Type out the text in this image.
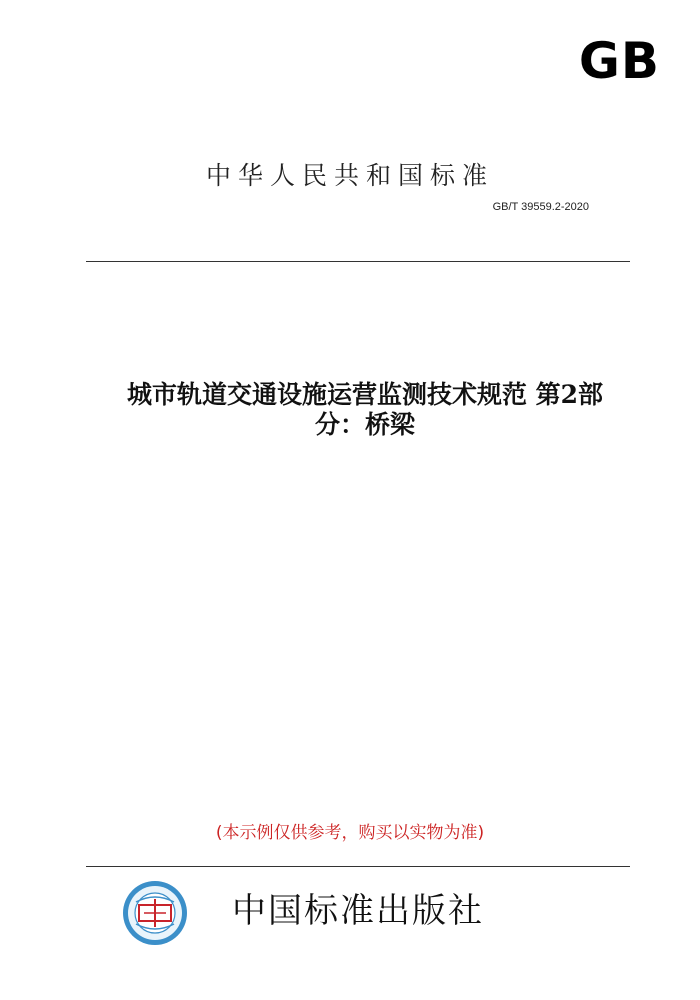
GB
中华人民共和国标准
GB/T 39559.2-2020
城市轨道交通设施运营监测技术规范 第2部
分：桥梁
(本示例仅供参考，购买以实物为准)
中国标准出版社
